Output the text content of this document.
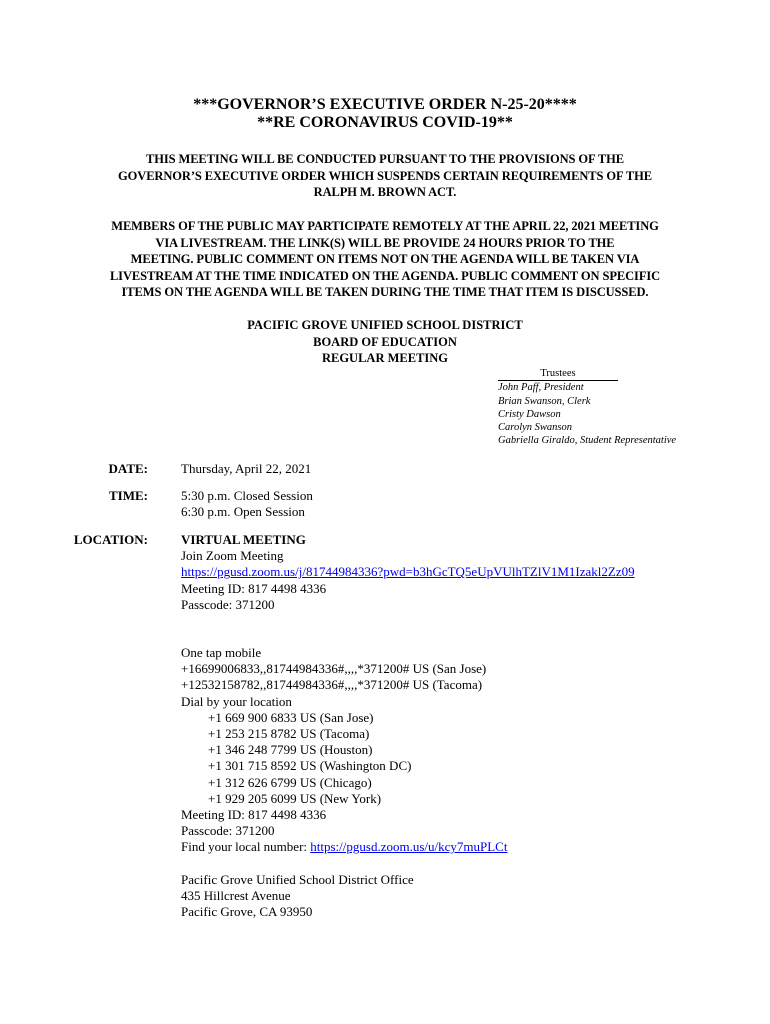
***GOVERNOR’S EXECUTIVE ORDER N-25-20****
**RE CORONAVIRUS COVID-19**
THIS MEETING WILL BE CONDUCTED PURSUANT TO THE PROVISIONS OF THE
GOVERNOR’S EXECUTIVE ORDER WHICH SUSPENDS CERTAIN REQUIREMENTS OF THE
RALPH M. BROWN ACT.
MEMBERS OF THE PUBLIC MAY PARTICIPATE REMOTELY AT THE APRIL 22, 2021 MEETING
VIA LIVESTREAM. THE LINK(S) WILL BE PROVIDE 24 HOURS PRIOR TO THE
MEETING. PUBLIC COMMENT ON ITEMS NOT ON THE AGENDA WILL BE TAKEN VIA
LIVESTREAM AT THE TIME INDICATED ON THE AGENDA. PUBLIC COMMENT ON SPECIFIC
ITEMS ON THE AGENDA WILL BE TAKEN DURING THE TIME THAT ITEM IS DISCUSSED.
PACIFIC GROVE UNIFIED SCHOOL DISTRICT
BOARD OF EDUCATION
REGULAR MEETING
Trustees
John Paff, President
Brian Swanson, Clerk
Cristy Dawson
Carolyn Swanson
Gabriella Giraldo, Student Representative
DATE:	Thursday, April 22, 2021
TIME:	5:30 p.m. Closed Session
6:30 p.m. Open Session
LOCATION:	VIRTUAL MEETING
Join Zoom Meeting
https://pgusd.zoom.us/j/81744984336?pwd=b3hGcTQ5eUpVUlhTZlV1M1Izakl2Zz09
Meeting ID: 817 4498 4336
Passcode: 371200
One tap mobile
+16699006833,,81744984336#,,,,*371200# US (San Jose)
+12532158782,,81744984336#,,,,*371200# US (Tacoma)
Dial by your location
+1 669 900 6833 US (San Jose)
+1 253 215 8782 US (Tacoma)
+1 346 248 7799 US (Houston)
+1 301 715 8592 US (Washington DC)
+1 312 626 6799 US (Chicago)
+1 929 205 6099 US (New York)
Meeting ID: 817 4498 4336
Passcode: 371200
Find your local number: https://pgusd.zoom.us/u/kcy7muPLCt
Pacific Grove Unified School District Office
435 Hillcrest Avenue
Pacific Grove, CA 93950
